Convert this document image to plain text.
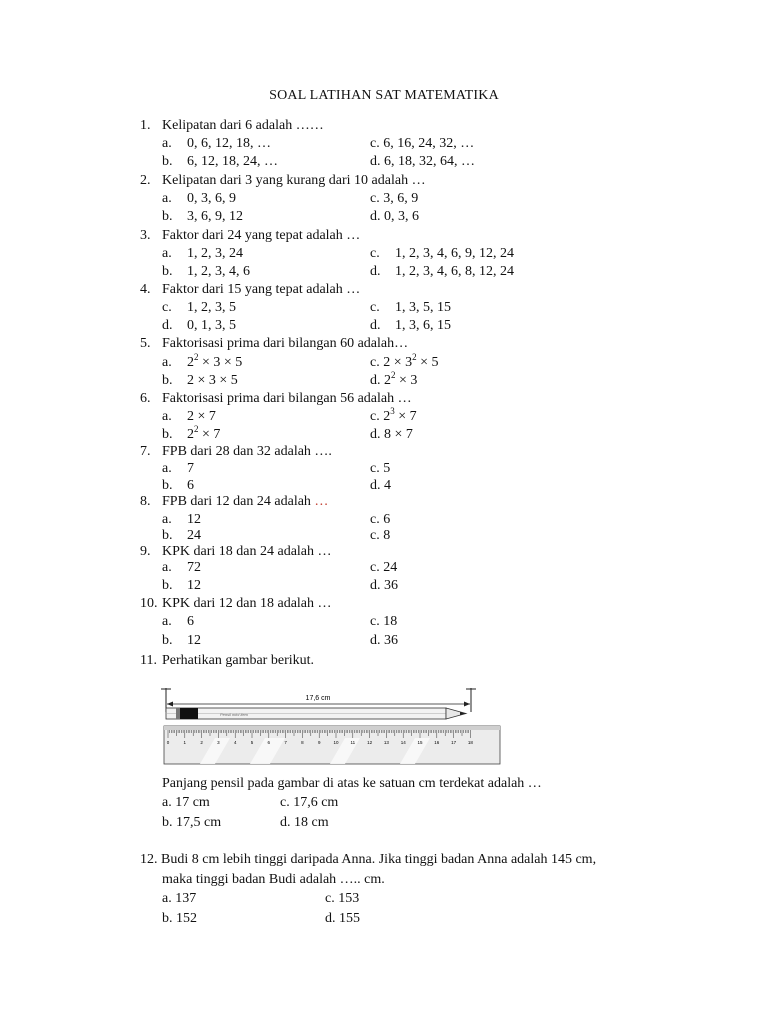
SOAL LATIHAN SAT MATEMATIKA
1. Kelipatan dari 6 adalah ……
a. 0, 6, 12, 18, …	c. 6, 16, 24, 32, …
b. 6, 12, 18, 24, …	d. 6, 18, 32, 64, …
2. Kelipatan dari 3 yang kurang dari 10 adalah …
a. 0, 3, 6, 9	c. 3, 6, 9
b. 3, 6, 9, 12	d. 0, 3, 6
3. Faktor dari 24 yang tepat adalah …
a. 1, 2, 3, 24	c. 1, 2, 3, 4, 6, 9, 12, 24
b. 1, 2, 3, 4, 6	d. 1, 2, 3, 4, 6, 8, 12, 24
4. Faktor dari 15 yang tepat adalah …
c. 1, 2, 3, 5	c. 1, 3, 5, 15
d. 0, 1, 3, 5	d. 1, 3, 6, 15
5. Faktorisasi prima dari bilangan 60 adalah…
a. $2^2 \times 3 \times 5$	c. $2 \times 3^2 \times 5$
b. 2 × 3 × 5	d. $2^2 \times 3$
6. Faktorisasi prima dari bilangan 56 adalah …
a. 2 × 7	c. $2^3 \times 7$
b. $2^2 \times 7$	d. 8 × 7
7. FPB dari 28 dan 32 adalah ….
a. 7	c. 5
b. 6	d. 4
8. FPB dari 12 dan 24 adalah …
a. 12	c. 6
b. 24	c. 8
9. KPK dari 18 dan 24 adalah …
a. 72	c. 24
b. 12	d. 36
10. KPK dari 12 dan 18 adalah …
a. 6	c. 18
b. 12	d. 36
11. Perhatikan gambar berikut.
17,6 cm
Pensil mini item
0	1	2	3	4	5	6	7	8	9	10	11	12	13	14	15	16	17	18
Panjang pensil pada gambar di atas ke satuan cm terdekat adalah …
a. 17 cm	c. 17,6 cm
b. 17,5 cm	d. 18 cm
12. Budi 8 cm lebih tinggi daripada Anna. Jika tinggi badan Anna adalah 145 cm,
maka tinggi badan Budi adalah ….. cm.
a. 137	c. 153
b. 152	d. 155
